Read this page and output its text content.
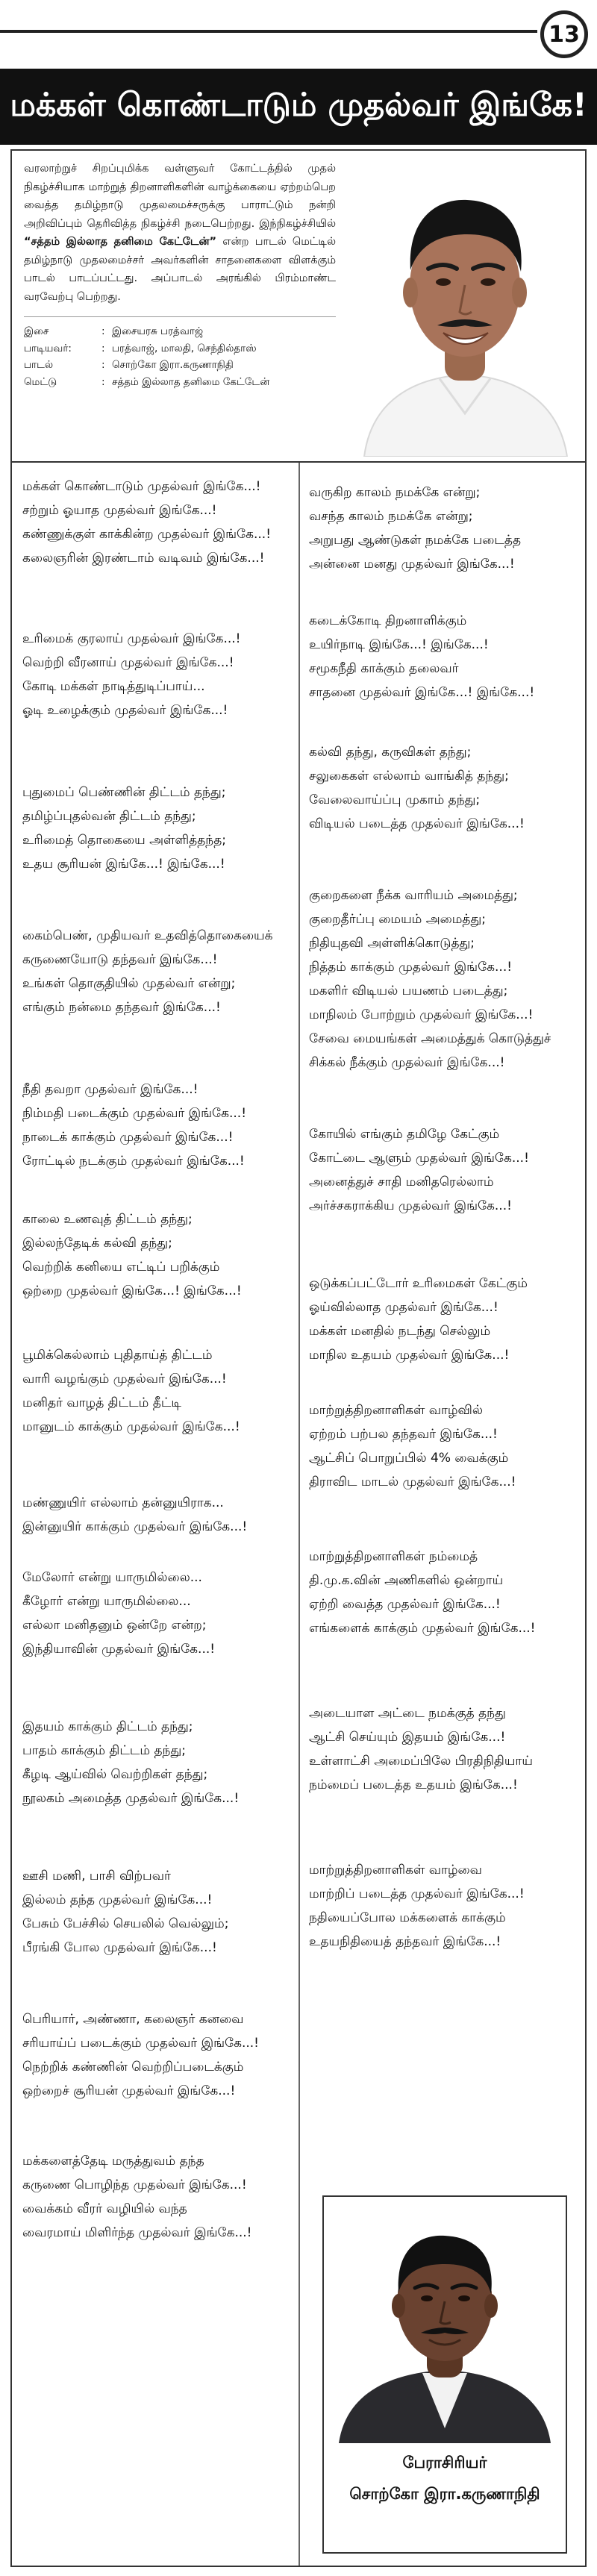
13
மக்கள் கொண்டாடும் முதல்வர் இங்கே!

வரலாற்றுச் சிறப்புமிக்க வள்ளுவர் கோட்டத்தில் முதல் நிகழ்ச்சியாக மாற்றுத் திறனாளிகளின் வாழ்க்கையை ஏற்றம்பெற வைத்த தமிழ்நாடு முதலமைச்சருக்கு பாராட்டும் நன்றி அறிவிப்பும் தெரிவித்த நிகழ்ச்சி நடைபெற்றது. இந்நிகழ்ச்சியில் “சத்தம் இல்லாத தனிமை கேட்டேன்” என்ற பாடல் மெட்டில் தமிழ்நாடு முதலமைச்சர் அவர்களின் சாதனைகளை விளக்கும் பாடல் பாடப்பட்டது. அப்பாடல் அரங்கில் பிரம்மாண்ட வரவேற்பு பெற்றது.

இசை	: இசையரசு பரத்வாஜ்
பாடியவர்:	: பரத்வாஜ், மாலதி, செந்தில்தாஸ்
பாடல்	: சொற்கோ இரா.கருணாநிதி
மெட்டு	: சத்தம் இல்லாத தனிமை கேட்டேன்
மக்கள் கொண்டாடும் முதல்வர் இங்கே...!
சற்றும் ஓயாத முதல்வர் இங்கே...!
கண்ணுக்குள் காக்கின்ற முதல்வர் இங்கே...!
கலைஞரின் இரண்டாம் வடிவம் இங்கே...!
உரிமைக் குரலாய் முதல்வர் இங்கே...!
வெற்றி வீரனாய் முதல்வர் இங்கே...!
கோடி மக்கள் நாடித்துடிப்பாய்...
ஓடி உழைக்கும் முதல்வர் இங்கே...!
புதுமைப் பெண்ணின் திட்டம் தந்து;
தமிழ்ப்புதல்வன் திட்டம் தந்து;
உரிமைத் தொகையை அள்ளித்தந்த;
உதய சூரியன் இங்கே...! இங்கே...!
கைம்பெண், முதியவர் உதவித்தொகையைக்
கருணையோடு தந்தவர் இங்கே...!
உங்கள் தொகுதியில் முதல்வர் என்று;
எங்கும் நன்மை தந்தவர் இங்கே...!
நீதி தவறா முதல்வர் இங்கே...!
நிம்மதி படைக்கும் முதல்வர் இங்கே...!
நாடைக் காக்கும் முதல்வர் இங்கே...!
ரோட்டில் நடக்கும் முதல்வர் இங்கே...!
காலை உணவுத் திட்டம் தந்து;
இல்லந்தேடிக் கல்வி தந்து;
வெற்றிக் கனியை எட்டிப் பறிக்கும்
ஒற்றை முதல்வர் இங்கே...! இங்கே...!
பூமிக்கெல்லாம் புதிதாய்த் திட்டம்
வாரி வழங்கும் முதல்வர் இங்கே...!
மனிதர் வாழத் திட்டம் தீட்டி
மானுடம் காக்கும் முதல்வர் இங்கே...!
மண்ணுயிர் எல்லாம் தன்னுயிராக...
இன்னுயிர் காக்கும் முதல்வர் இங்கே...!
மேலோர் என்று யாருமில்லை...
கீழோர் என்று யாருமில்லை...
எல்லா மனிதனும் ஒன்றே என்ற;
இந்தியாவின் முதல்வர் இங்கே...!
இதயம் காக்கும் திட்டம் தந்து;
பாதம் காக்கும் திட்டம் தந்து;
கீழடி ஆய்வில் வெற்றிகள் தந்து;
நூலகம் அமைத்த முதல்வர் இங்கே...!
ஊசி மணி, பாசி விற்பவர்
இல்லம் தந்த முதல்வர் இங்கே...!
பேசும் பேச்சில் செயலில் வெல்லும்;
பீரங்கி போல முதல்வர் இங்கே...!
பெரியார், அண்ணா, கலைஞர் கனவை
சரியாய்ப் படைக்கும் முதல்வர் இங்கே...!
நெற்றிக் கண்ணின் வெற்றிப்படைக்கும்
ஒற்றைச் சூரியன் முதல்வர் இங்கே...!
மக்களைத்தேடி மருத்துவம் தந்த
கருணை பொழிந்த முதல்வர் இங்கே...!
வைக்கம் வீரர் வழியில் வந்த
வைரமாய் மிளிர்ந்த முதல்வர் இங்கே...!
வருகிற காலம் நமக்கே என்று;
வசந்த காலம் நமக்கே என்று;
அறுபது ஆண்டுகள் நமக்கே படைத்த
அன்னை மனது முதல்வர் இங்கே...!
கடைக்கோடி திறனாளிக்கும்
உயிர்நாடி இங்கே...! இங்கே...!
சமூகநீதி காக்கும் தலைவர்
சாதனை முதல்வர் இங்கே...! இங்கே...!
கல்வி தந்து, கருவிகள் தந்து;
சலுகைகள் எல்லாம் வாங்கித் தந்து;
வேலைவாய்ப்பு முகாம் தந்து;
விடியல் படைத்த முதல்வர் இங்கே...!
குறைகளை நீக்க வாரியம் அமைத்து;
குறைதீர்ப்பு மையம் அமைத்து;
நிதியுதவி அள்ளிக்கொடுத்து;
நித்தம் காக்கும் முதல்வர் இங்கே...!
மகளிர் விடியல் பயணம் படைத்து;
மாநிலம் போற்றும் முதல்வர் இங்கே...!
சேவை மையங்கள் அமைத்துக் கொடுத்துச்
சிக்கல் நீக்கும் முதல்வர் இங்கே...!
கோயில் எங்கும் தமிழே கேட்கும்
கோட்டை ஆளும் முதல்வர் இங்கே...!
அனைத்துச் சாதி மனிதரெல்லாம்
அர்ச்சகராக்கிய முதல்வர் இங்கே...!
ஒடுக்கப்பட்டோர் உரிமைகள் கேட்கும்
ஓய்வில்லாத முதல்வர் இங்கே...!
மக்கள் மனதில் நடந்து செல்லும்
மாநில உதயம் முதல்வர் இங்கே...!
மாற்றுத்திறனாளிகள் வாழ்வில்
ஏற்றம் பற்பல தந்தவர் இங்கே...!
ஆட்சிப் பொறுப்பில் 4% வைக்கும்
திராவிட மாடல் முதல்வர் இங்கே...!
மாற்றுத்திறனாளிகள் நம்மைத்
தி.மு.க.வின் அணிகளில் ஒன்றாய்
ஏற்றி வைத்த முதல்வர் இங்கே...!
எங்களைக் காக்கும் முதல்வர் இங்கே...!
அடையாள அட்டை நமக்குத் தந்து
ஆட்சி செய்யும் இதயம் இங்கே...!
உள்ளாட்சி அமைப்பிலே பிரதிநிதியாய்
நம்மைப் படைத்த உதயம் இங்கே...!
மாற்றுத்திறனாளிகள் வாழ்வை
மாற்றிப் படைத்த முதல்வர் இங்கே...!
நதியைப்போல மக்களைக் காக்கும்
உதயநிதியைத் தந்தவர் இங்கே...!
பேராசிரியர்
சொற்கோ இரா.கருணாநிதி
